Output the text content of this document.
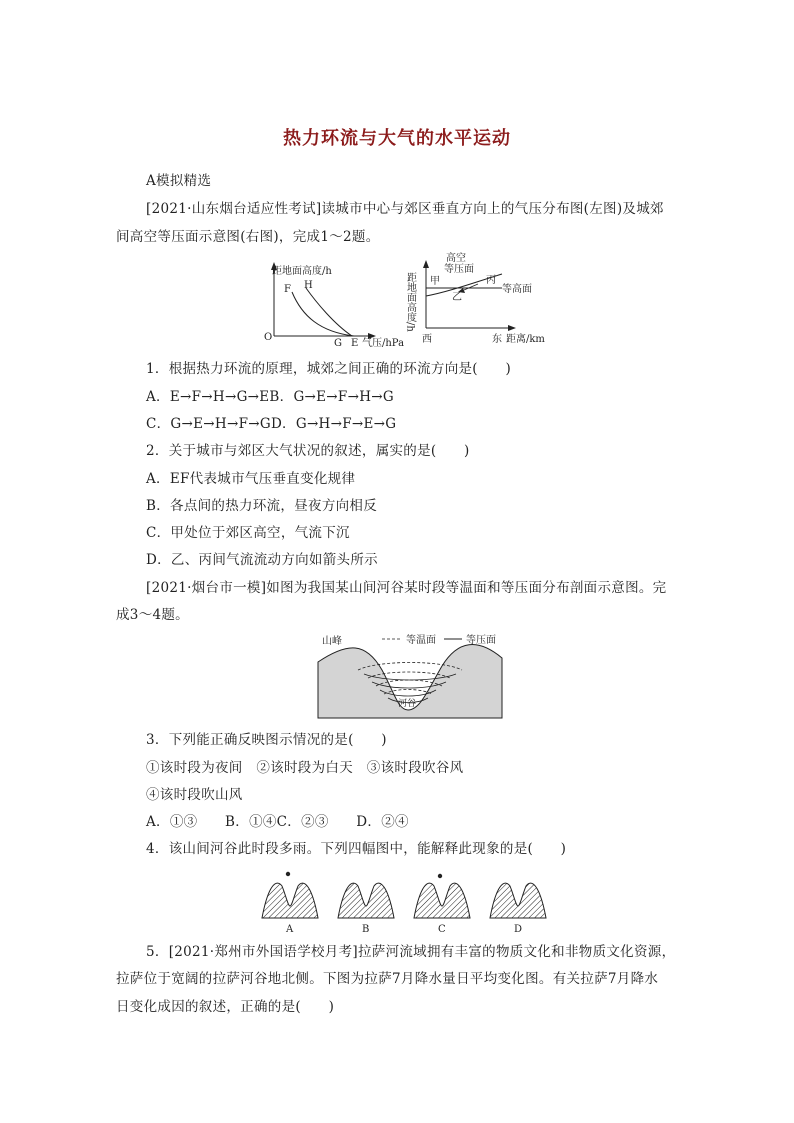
热力环流与大气的水平运动
A模拟精选
[2021·山东烟台适应性考试]读城市中心与郊区垂直方向上的气压分布图(左图)及城郊
间高空等压面示意图(右图)，完成1～2题。
距地面高度/h
F H
O
G E 气压/hPa
高空
等压面
甲
乙
丙
等高面
距地面高度/h
西	东 距离/km
1．根据热力环流的原理，城郊之间正确的环流方向是(　　)
A．E→F→H→G→EB．G→E→F→H→G
C．G→E→H→F→GD．G→H→F→E→G
2．关于城市与郊区大气状况的叙述，属实的是(　　)
A．EF代表城市气压垂直变化规律
B．各点间的热力环流，昼夜方向相反
C．甲处位于郊区高空，气流下沉
D．乙、丙间气流流动方向如箭头所示
[2021·烟台市一模]如图为我国某山间河谷某时段等温面和等压面分布剖面示意图。完
成3～4题。
山峰	等温面	等压面
河谷
3．下列能正确反映图示情况的是(　　)
①该时段为夜间　②该时段为白天　③该时段吹谷风
④该时段吹山风
A．①③　　B．①④C．②③　　D．②④
4．该山间河谷此时段多雨。下列四幅图中，能解释此现象的是(　　)
A	B	C	D
5．[2021·郑州市外国语学校月考]拉萨河流域拥有丰富的物质文化和非物质文化资源，
拉萨位于宽阔的拉萨河谷地北侧。下图为拉萨7月降水量日平均变化图。有关拉萨7月降水
日变化成因的叙述，正确的是(　　)
